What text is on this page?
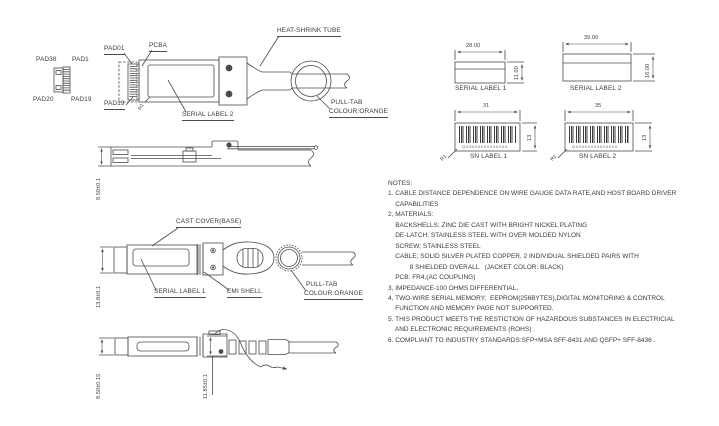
PAD38 PAD1
PAD20	PAD19
PAD01	PCBA
PAD19	R1
SERIAL LABEL 2
HEAT-SHRINK TUBE
PULL-TAB
COLOUR:ORANGE
8.50±0.1
CAST COVER(BASE)
SERIAL LABEL 1	EMI SHELL
PULL-TAB
COLOUR:ORANGE
13.8±0.1
8.50±0.15	11.85±0.1
28.00
11.00
SERIAL LABEL 1
39.00
16.00
SERIAL LABEL 2
QXXXXXXXXXXXXXX
31
13
R1	SN LABEL 1
QXXXXXXXXXXXXXX
35
13
R1	SN LABEL 2
NOTES:
1. CABLE DISTANCE DEPENDENCE ON WIRE GAUGE DATA RATE,AND HOST BOARD DRIVER
CAPABILITIES
2, MATERIALS:
BACKSHELLS; ZINC DIE CAST WITH BRIGHT NICKEL PLATING
DE-LATCH; STAINLESS STEEL WITH OVER MOLDED NYLON
SCREW; STAINLESS STEEL
CABLE; SOLID SILVER PLATED COPPER, 2 INDIVIDUAL SHIELDED PAIRS WITH
8 SHIELDED OVERALL   (JACKET COLOR: BLACK)
PCB: FR4,(AC COUPLING)
3, IMPEDANCE-100 OHMS DIFFERENTIAL,
4, TWO-WIRE SERIAL MEMORY;  EEPROM(256BYTES),DIGITAL MONITORING & CONTROL
FUNCTION AND MEMORY PAGE NOT SUPPORTED.
5. THIS PRODUCT MEETS THE RESTICTION OF HAZARDOUS SUBSTANCES IN ELECTRICIAL
AND ELECTRONIC REQUIREMENTS (ROHS) .
6. COMPLIANT TO INDUSTRY STANDARDS:SFP+MSA SFF-8431 AND QSFP+ SFF-8436 .
